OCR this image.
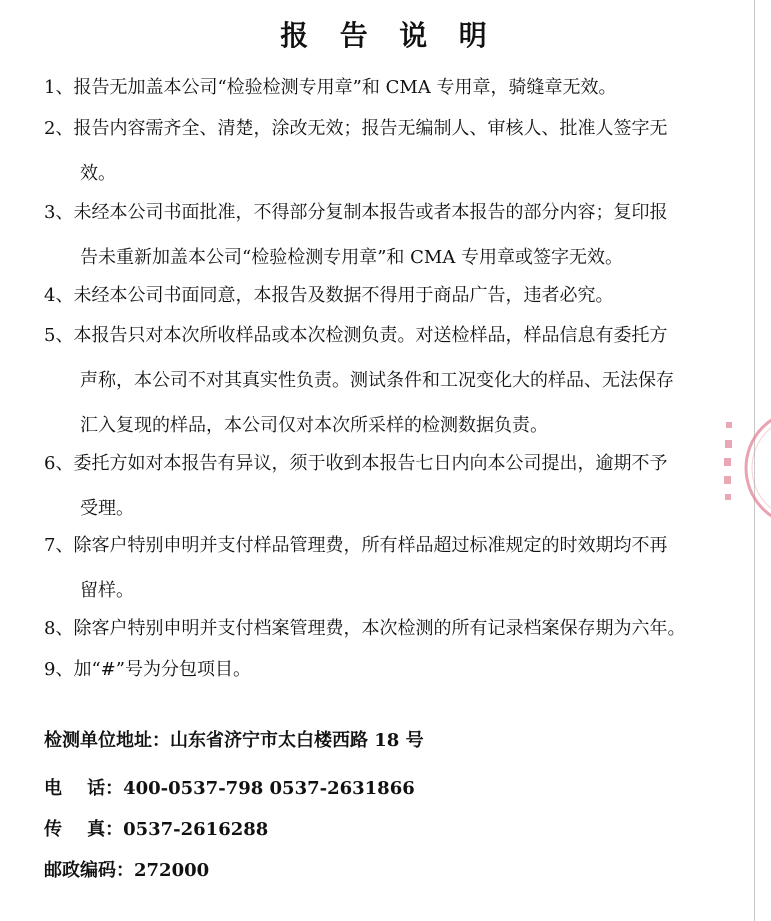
报  告  说  明
1、报告无加盖本公司“检验检测专用章”和 CMA 专用章，骑缝章无效。
2、报告内容需齐全、清楚，涂改无效；报告无编制人、审核人、批准人签字无
效。
3、未经本公司书面批准，不得部分复制本报告或者本报告的部分内容；复印报
告未重新加盖本公司“检验检测专用章”和 CMA 专用章或签字无效。
4、未经本公司书面同意，本报告及数据不得用于商品广告，违者必究。
5、本报告只对本次所收样品或本次检测负责。对送检样品，样品信息有委托方
声称，本公司不对其真实性负责。测试条件和工况变化大的样品、无法保存
汇入复现的样品，本公司仅对本次所采样的检测数据负责。
6、委托方如对本报告有异议，须于收到本报告七日内向本公司提出，逾期不予
受理。
7、除客户特别申明并支付样品管理费，所有样品超过标准规定的时效期均不再
留样。
8、除客户特别申明并支付档案管理费，本次检测的所有记录档案保存期为六年。
9、加“#”号为分包项目。
检测单位地址：山东省济宁市太白楼西路 18 号
电    话：400-0537-798 0537-2631866
传    真：0537-2616288
邮政编码：272000
